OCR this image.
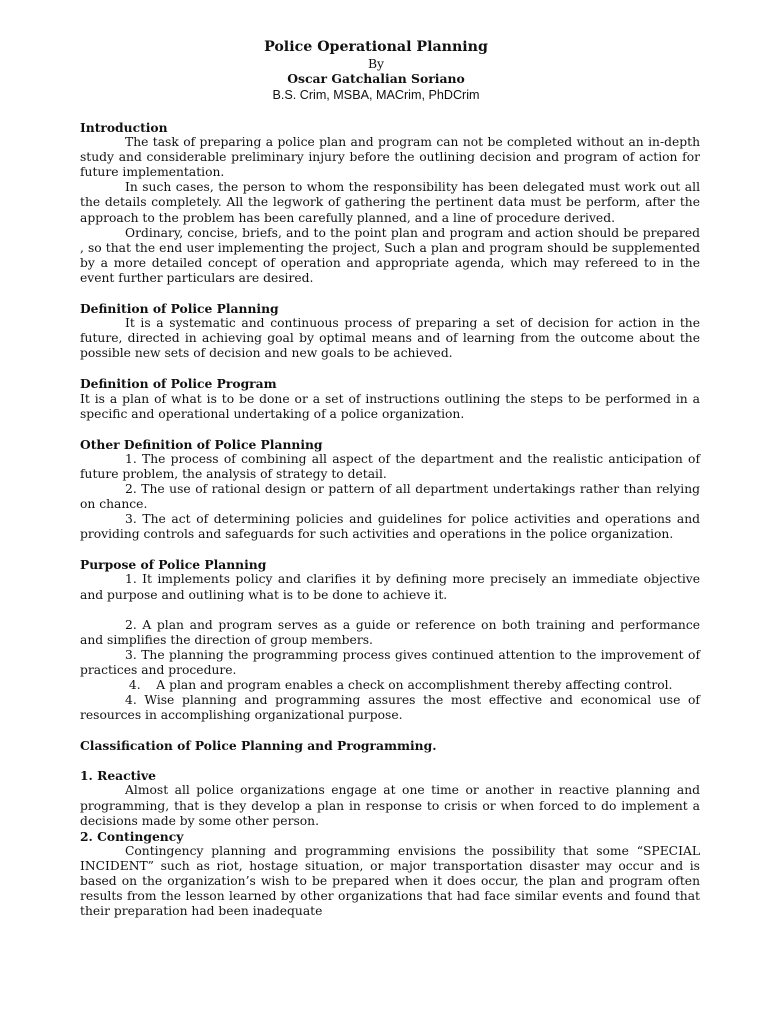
Police Operational Planning
By
Oscar Gatchalian Soriano
B.S. Crim, MSBA, MACrim, PhDCrim
Introduction

The task of preparing a police plan and program can not be completed without an in-depth study and considerable preliminary injury before the outlining decision and program of action for future implementation.

In such cases, the person to whom the responsibility has been delegated must work out all the details completely. All the legwork of gathering the pertinent data must be perform, after the approach to the problem has been carefully planned, and a line of procedure derived.

Ordinary, concise, briefs, and to the point plan and program and action should be prepared , so that the end user implementing the project, Such a plan and program should be supplemented by a more detailed concept of operation and appropriate agenda, which may refereed to in the event further particulars are desired.

Definition of Police Planning

It is a systematic and continuous process of preparing a set of decision for action in the future, directed in achieving goal by optimal means and of learning from the outcome about the possible new sets of decision and new goals to be achieved.

Definition of Police Program

It is a plan of what is to be done or a set of instructions outlining the steps to be performed in a specific and operational undertaking of a police organization.

Other Definition of Police Planning

1. The process of combining all aspect of the department and the realistic anticipation of future problem, the analysis of strategy to detail.

2. The use of rational design or pattern of all department undertakings rather than relying on chance.

3. The act of determining policies and guidelines for police activities and operations and providing controls and safeguards for such activities and operations in the police organization.

Purpose of Police Planning

1. It implements policy and clarifies it by defining more precisely an immediate objective and purpose and outlining what is to be done to achieve it.

2. A plan and program serves as a guide or reference on both training and performance and simplifies the direction of group members.

3. The planning the programming process gives continued attention to the improvement of practices and procedure.

4.    A plan and program enables a check on accomplishment thereby affecting control.

4. Wise planning and programming assures the most effective and economical use of resources in accomplishing organizational purpose.

Classification of Police Planning and Programming.
1. Reactive

Almost all police organizations engage at one time or another in reactive planning and programming, that is they develop a plan in response to crisis or when forced to do implement a decisions made by some other person.

2. Contingency

Contingency planning and programming envisions the possibility that some “SPECIAL INCIDENT” such as riot, hostage situation, or major transportation disaster may occur and is based on the organization’s wish to be prepared when it does occur, the plan and program often results from the lesson learned by other organizations that had face similar events and found that their preparation had been inadequate
